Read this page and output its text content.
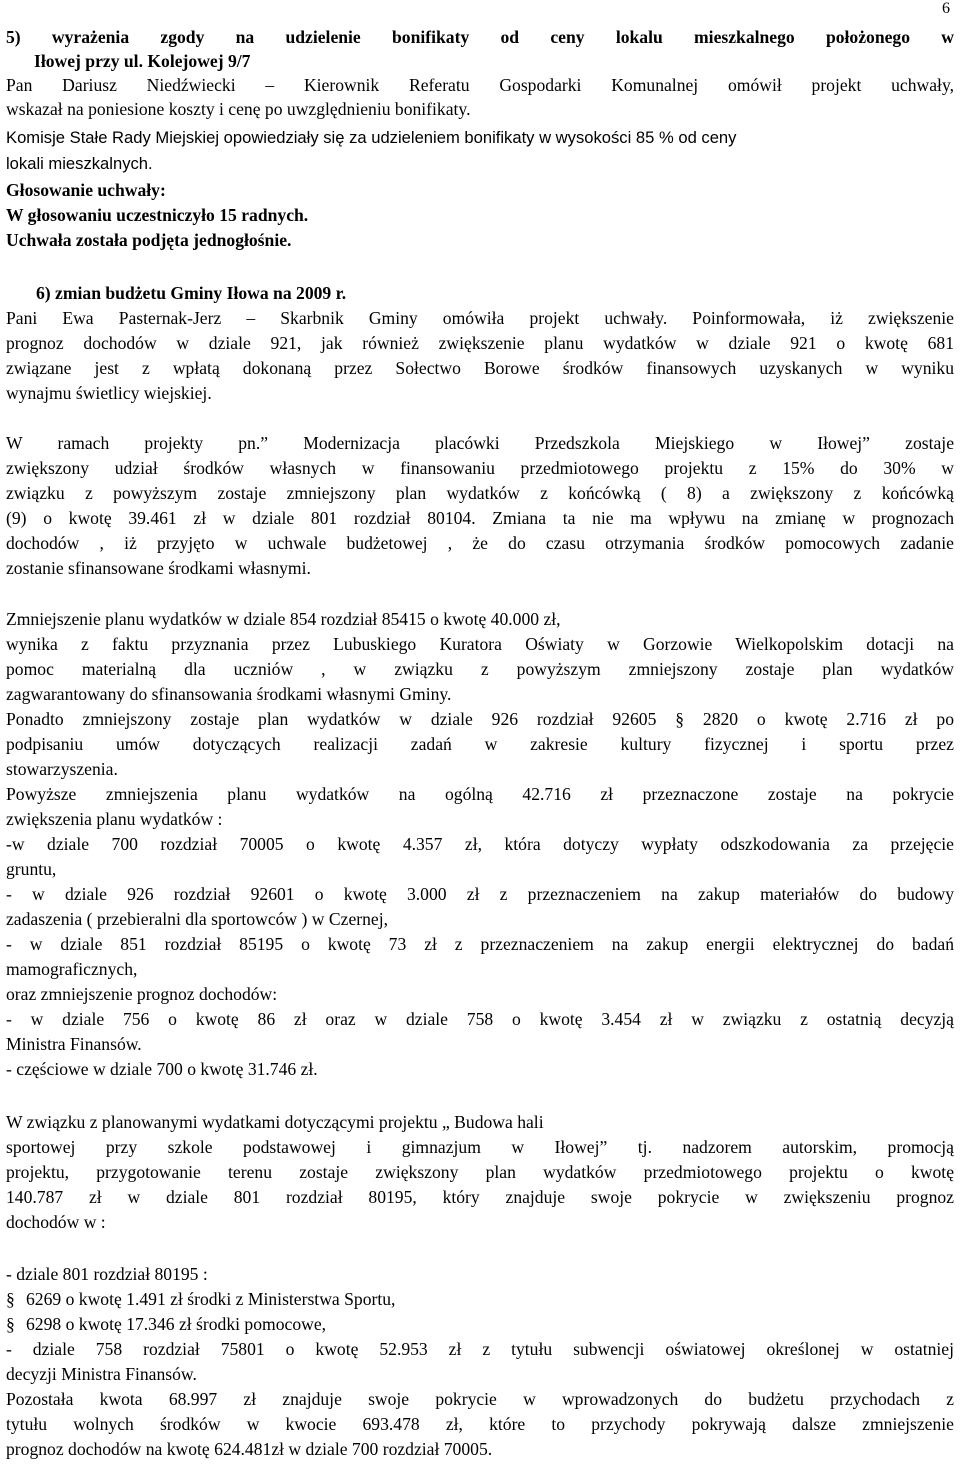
6
5) wyrażenia zgody na udzielenie bonifikaty od ceny lokalu mieszkalnego położonego w
Iłowej przy ul. Kolejowej 9/7
Pan Dariusz Niedźwiecki – Kierownik Referatu Gospodarki Komunalnej omówił projekt uchwały,
wskazał na poniesione koszty i cenę po uwzględnieniu bonifikaty.
Komisje Stałe Rady Miejskiej opowiedziały się za udzieleniem bonifikaty w wysokości 85 % od ceny
lokali mieszkalnych.
Głosowanie uchwały:
W głosowaniu uczestniczyło 15 radnych.
Uchwała została podjęta jednogłośnie.
6) zmian budżetu Gminy Iłowa na 2009 r.
Pani Ewa Pasternak-Jerz – Skarbnik Gminy omówiła projekt uchwały. Poinformowała, iż zwiększenie
prognoz dochodów w dziale 921, jak również zwiększenie planu wydatków w dziale 921 o kwotę 681
związane jest z wpłatą dokonaną przez Sołectwo Borowe środków finansowych uzyskanych w wyniku
wynajmu świetlicy wiejskiej.
W ramach projekty pn.” Modernizacja placówki Przedszkola Miejskiego w Iłowej” zostaje
zwiększony udział środków własnych w finansowaniu przedmiotowego projektu z 15% do 30% w
związku z powyższym zostaje zmniejszony plan wydatków z końcówką ( 8) a zwiększony z końcówką
(9) o kwotę 39.461 zł w dziale 801 rozdział 80104. Zmiana ta nie ma wpływu na zmianę w prognozach
dochodów , iż przyjęto w uchwale budżetowej , że do czasu otrzymania środków pomocowych zadanie
zostanie sfinansowane środkami własnymi.
Zmniejszenie planu wydatków w dziale 854 rozdział 85415 o kwotę 40.000 zł,
wynika z faktu przyznania przez Lubuskiego Kuratora Oświaty w Gorzowie Wielkopolskim dotacji na
pomoc materialną dla uczniów , w związku z powyższym zmniejszony zostaje plan wydatków
zagwarantowany do sfinansowania środkami własnymi Gminy.
Ponadto zmniejszony zostaje plan wydatków w dziale 926 rozdział 92605 § 2820 o kwotę 2.716 zł po
podpisaniu umów dotyczących realizacji zadań w zakresie kultury fizycznej i sportu przez
stowarzyszenia.
Powyższe zmniejszenia planu wydatków na ogólną 42.716 zł przeznaczone zostaje na pokrycie
zwiększenia planu wydatków :
-w dziale 700 rozdział 70005 o kwotę 4.357 zł, która dotyczy wypłaty odszkodowania za przejęcie
gruntu,
- w dziale 926 rozdział 92601 o kwotę 3.000 zł z przeznaczeniem na zakup materiałów do budowy
zadaszenia ( przebieralni dla sportowców ) w Czernej,
- w dziale 851 rozdział 85195 o kwotę 73 zł z przeznaczeniem na zakup energii elektrycznej do badań
mamograficznych,
oraz zmniejszenie prognoz dochodów:
- w dziale 756 o kwotę 86 zł oraz w dziale 758 o kwotę 3.454 zł w związku z ostatnią decyzją
Ministra Finansów.
- częściowe w dziale 700 o kwotę 31.746 zł.
W związku z planowanymi wydatkami dotyczącymi projektu „ Budowa hali
sportowej przy szkole podstawowej i gimnazjum w Iłowej” tj. nadzorem autorskim, promocją
projektu, przygotowanie terenu zostaje zwiększony plan wydatków przedmiotowego projektu o kwotę
140.787 zł w dziale 801 rozdział 80195, który znajduje swoje pokrycie w zwiększeniu prognoz
dochodów w :
- dziale 801 rozdział 80195 :
§ 6269 o kwotę 1.491 zł środki z Ministerstwa Sportu,
§ 6298 o kwotę 17.346 zł środki pomocowe,
- dziale 758 rozdział 75801 o kwotę 52.953 zł z tytułu subwencji oświatowej określonej w ostatniej
decyzji Ministra Finansów.
Pozostała kwota 68.997 zł znajduje swoje pokrycie w wprowadzonych do budżetu przychodach z
tytułu wolnych środków w kwocie 693.478 zł, które to przychody pokrywają dalsze zmniejszenie
prognoz dochodów na kwotę 624.481zł w dziale 700 rozdział 70005.
